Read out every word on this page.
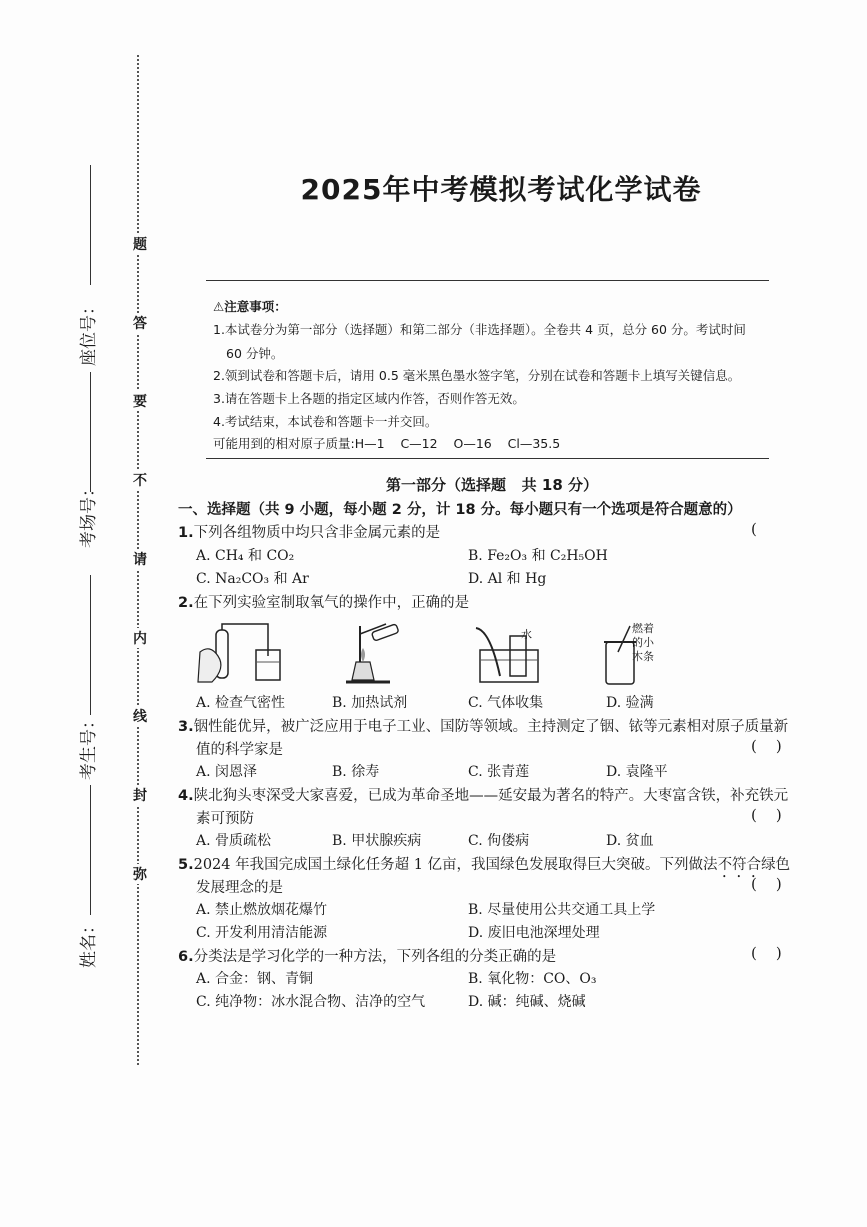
题
答
要
不
请
内
线
封
弥
座位号：
考场号：
考生号：
姓名：
2025年中考模拟考试化学试卷
⚠注意事项：
1.本试卷分为第一部分（选择题）和第二部分（非选择题）。全卷共 4 页，总分 60 分。考试时间
60 分钟。
2.领到试卷和答题卡后，请用 0.5 毫米黑色墨水签字笔，分别在试卷和答题卡上填写关键信息。
3.请在答题卡上各题的指定区域内作答，否则作答无效。
4.考试结束，本试卷和答题卡一并交回。
可能用到的相对原子质量:H—1    C—12    O—16    Cl—35.5
第一部分（选择题   共 18 分）
一、选择题（共 9 小题，每小题 2 分，计 18 分。每小题只有一个选项是符合题意的）
1.下列各组物质中均只含非金属元素的是	(
A. CH₄ 和 CO₂	B. Fe₂O₃ 和 C₂H₅OH
C. Na₂CO₃ 和 Ar	D. Al 和 Hg
2.在下列实验室制取氧气的操作中，正确的是
水	燃着
的小
木条
A. 检查气密性	B. 加热试剂	C. 气体收集	D. 验满
3.铟性能优异，被广泛应用于电子工业、国防等领域。主持测定了铟、铱等元素相对原子质量新
值的科学家是	(    )
A. 闵恩泽	B. 徐寿	C. 张青莲	D. 袁隆平
4.陕北狗头枣深受大家喜爱，已成为革命圣地——延安最为著名的特产。大枣富含铁，补充铁元
素可预防	(    )
A. 骨质疏松	B. 甲状腺疾病	C. 佝偻病	D. 贫血
5.2024 年我国完成国土绿化任务超 1 亿亩，我国绿色发展取得巨大突破。下列做法不符合绿色
发展理念的是	(    )
A. 禁止燃放烟花爆竹	B. 尽量使用公共交通工具上学
C. 开发利用清洁能源	D. 废旧电池深埋处理
6.分类法是学习化学的一种方法，下列各组的分类正确的是	(    )
A. 合金：钢、青铜	B. 氧化物：CO、O₃
C. 纯净物：冰水混合物、洁净的空气	D. 碱：纯碱、烧碱
